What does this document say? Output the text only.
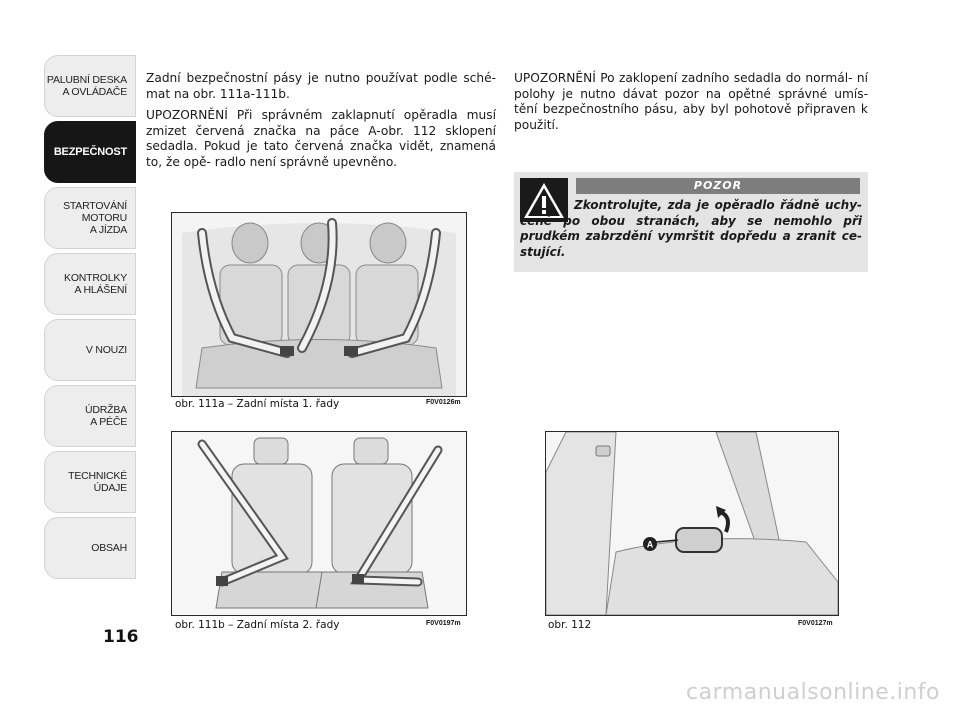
PALUBNÍ DESKA
A OVLÁDAČE
BEZPEČNOST
STARTOVÁNÍ
MOTORU
A JÍZDA
KONTROLKY
A HLÁŠENÍ
V NOUZI
ÚDRŽBA
A PÉČE
TECHNICKÉ
ÚDAJE
OBSAH
116

Zadní bezpečnostní pásy je nutno používat podle sché- mat na obr. 111a-111b.

UPOZORNĚNÍ Při správném zaklapnutí opěradla musí zmizet červená značka na páce A-obr. 112 sklopení sedadla. Pokud je tato červená značka vidět, znamená to, že opě- radlo není správně upevněno.

UPOZORNĚNÍ Po zaklopení zadního sedadla do normál- ní polohy je nutno dávat pozor na opětné správné umís- tění bezpečnostního pásu, aby byl pohotově připraven k použití.

POZOR
Zkontrolujte, zda je opěradlo řádně uchy- cené po obou stranách, aby se nemohlo při prudkém zabrzdění vymrštit dopředu a zranit ce- stující.
obr. 111a – Zadní místa 1. řady	F0V0126m
obr. 111b – Zadní místa 2. řady	F0V0197m
A
obr. 112	F0V0127m
carmanualsonline.info
